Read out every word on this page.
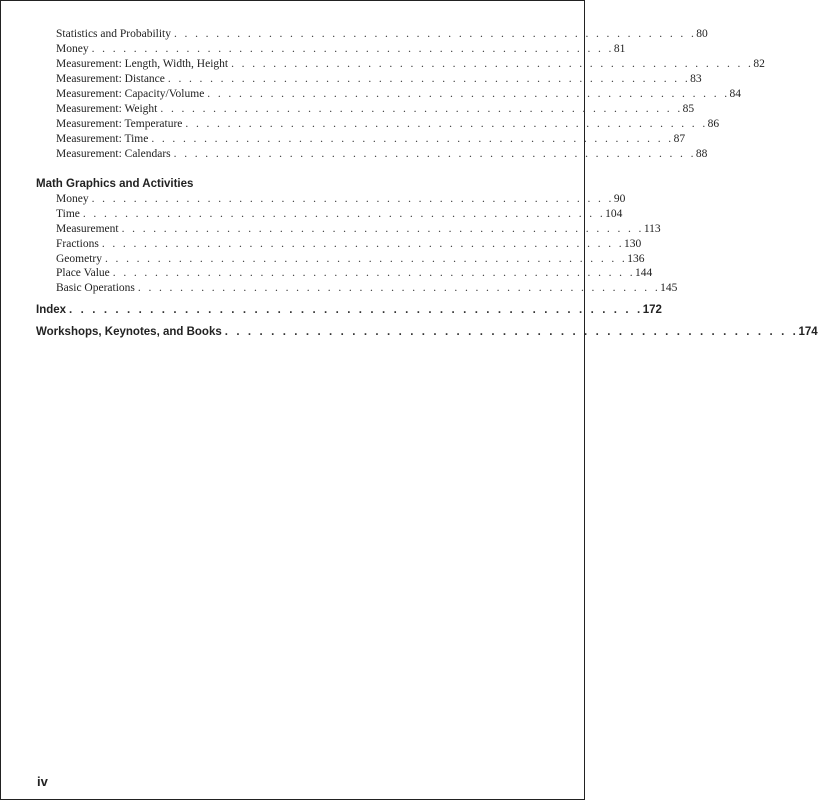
Statistics and Probability . . . . . . . . . . . . . . . . . . . . . . . . . . . . . . . . . . . . . . . . . . . . . . . . . . 80
Money . . . . . . . . . . . . . . . . . . . . . . . . . . . . . . . . . . . . . . . . . . . . . . . . . . 81
Measurement: Length, Width, Height . . . . . . . . . . . . . . . . . . . . . . . . . . . . . . . . . . . . . . . . . . . . . . . . . . 82
Measurement: Distance . . . . . . . . . . . . . . . . . . . . . . . . . . . . . . . . . . . . . . . . . . . . . . . . . . 83
Measurement: Capacity/Volume . . . . . . . . . . . . . . . . . . . . . . . . . . . . . . . . . . . . . . . . . . . . . . . . . . 84
Measurement: Weight . . . . . . . . . . . . . . . . . . . . . . . . . . . . . . . . . . . . . . . . . . . . . . . . . . 85
Measurement: Temperature . . . . . . . . . . . . . . . . . . . . . . . . . . . . . . . . . . . . . . . . . . . . . . . . . . 86
Measurement: Time . . . . . . . . . . . . . . . . . . . . . . . . . . . . . . . . . . . . . . . . . . . . . . . . . . 87
Measurement: Calendars . . . . . . . . . . . . . . . . . . . . . . . . . . . . . . . . . . . . . . . . . . . . . . . . . . 88
Math Graphics and Activities
Money . . . . . . . . . . . . . . . . . . . . . . . . . . . . . . . . . . . . . . . . . . . . . . . . . . 90
Time . . . . . . . . . . . . . . . . . . . . . . . . . . . . . . . . . . . . . . . . . . . . . . . . . . 104
Measurement . . . . . . . . . . . . . . . . . . . . . . . . . . . . . . . . . . . . . . . . . . . . . . . . . . 113
Fractions . . . . . . . . . . . . . . . . . . . . . . . . . . . . . . . . . . . . . . . . . . . . . . . . . . 130
Geometry . . . . . . . . . . . . . . . . . . . . . . . . . . . . . . . . . . . . . . . . . . . . . . . . . . 136
Place Value . . . . . . . . . . . . . . . . . . . . . . . . . . . . . . . . . . . . . . . . . . . . . . . . . . 144
Basic Operations . . . . . . . . . . . . . . . . . . . . . . . . . . . . . . . . . . . . . . . . . . . . . . . . . . 145
Index . . . . . . . . . . . . . . . . . . . . . . . . . . . . . . . . . . . . . . . . . . . . . . . . . . 172
Workshops, Keynotes, and Books . . . . . . . . . . . . . . . . . . . . . . . . . . . . . . . . . . . . . . . . . . . . . . . . . . 174
iv
